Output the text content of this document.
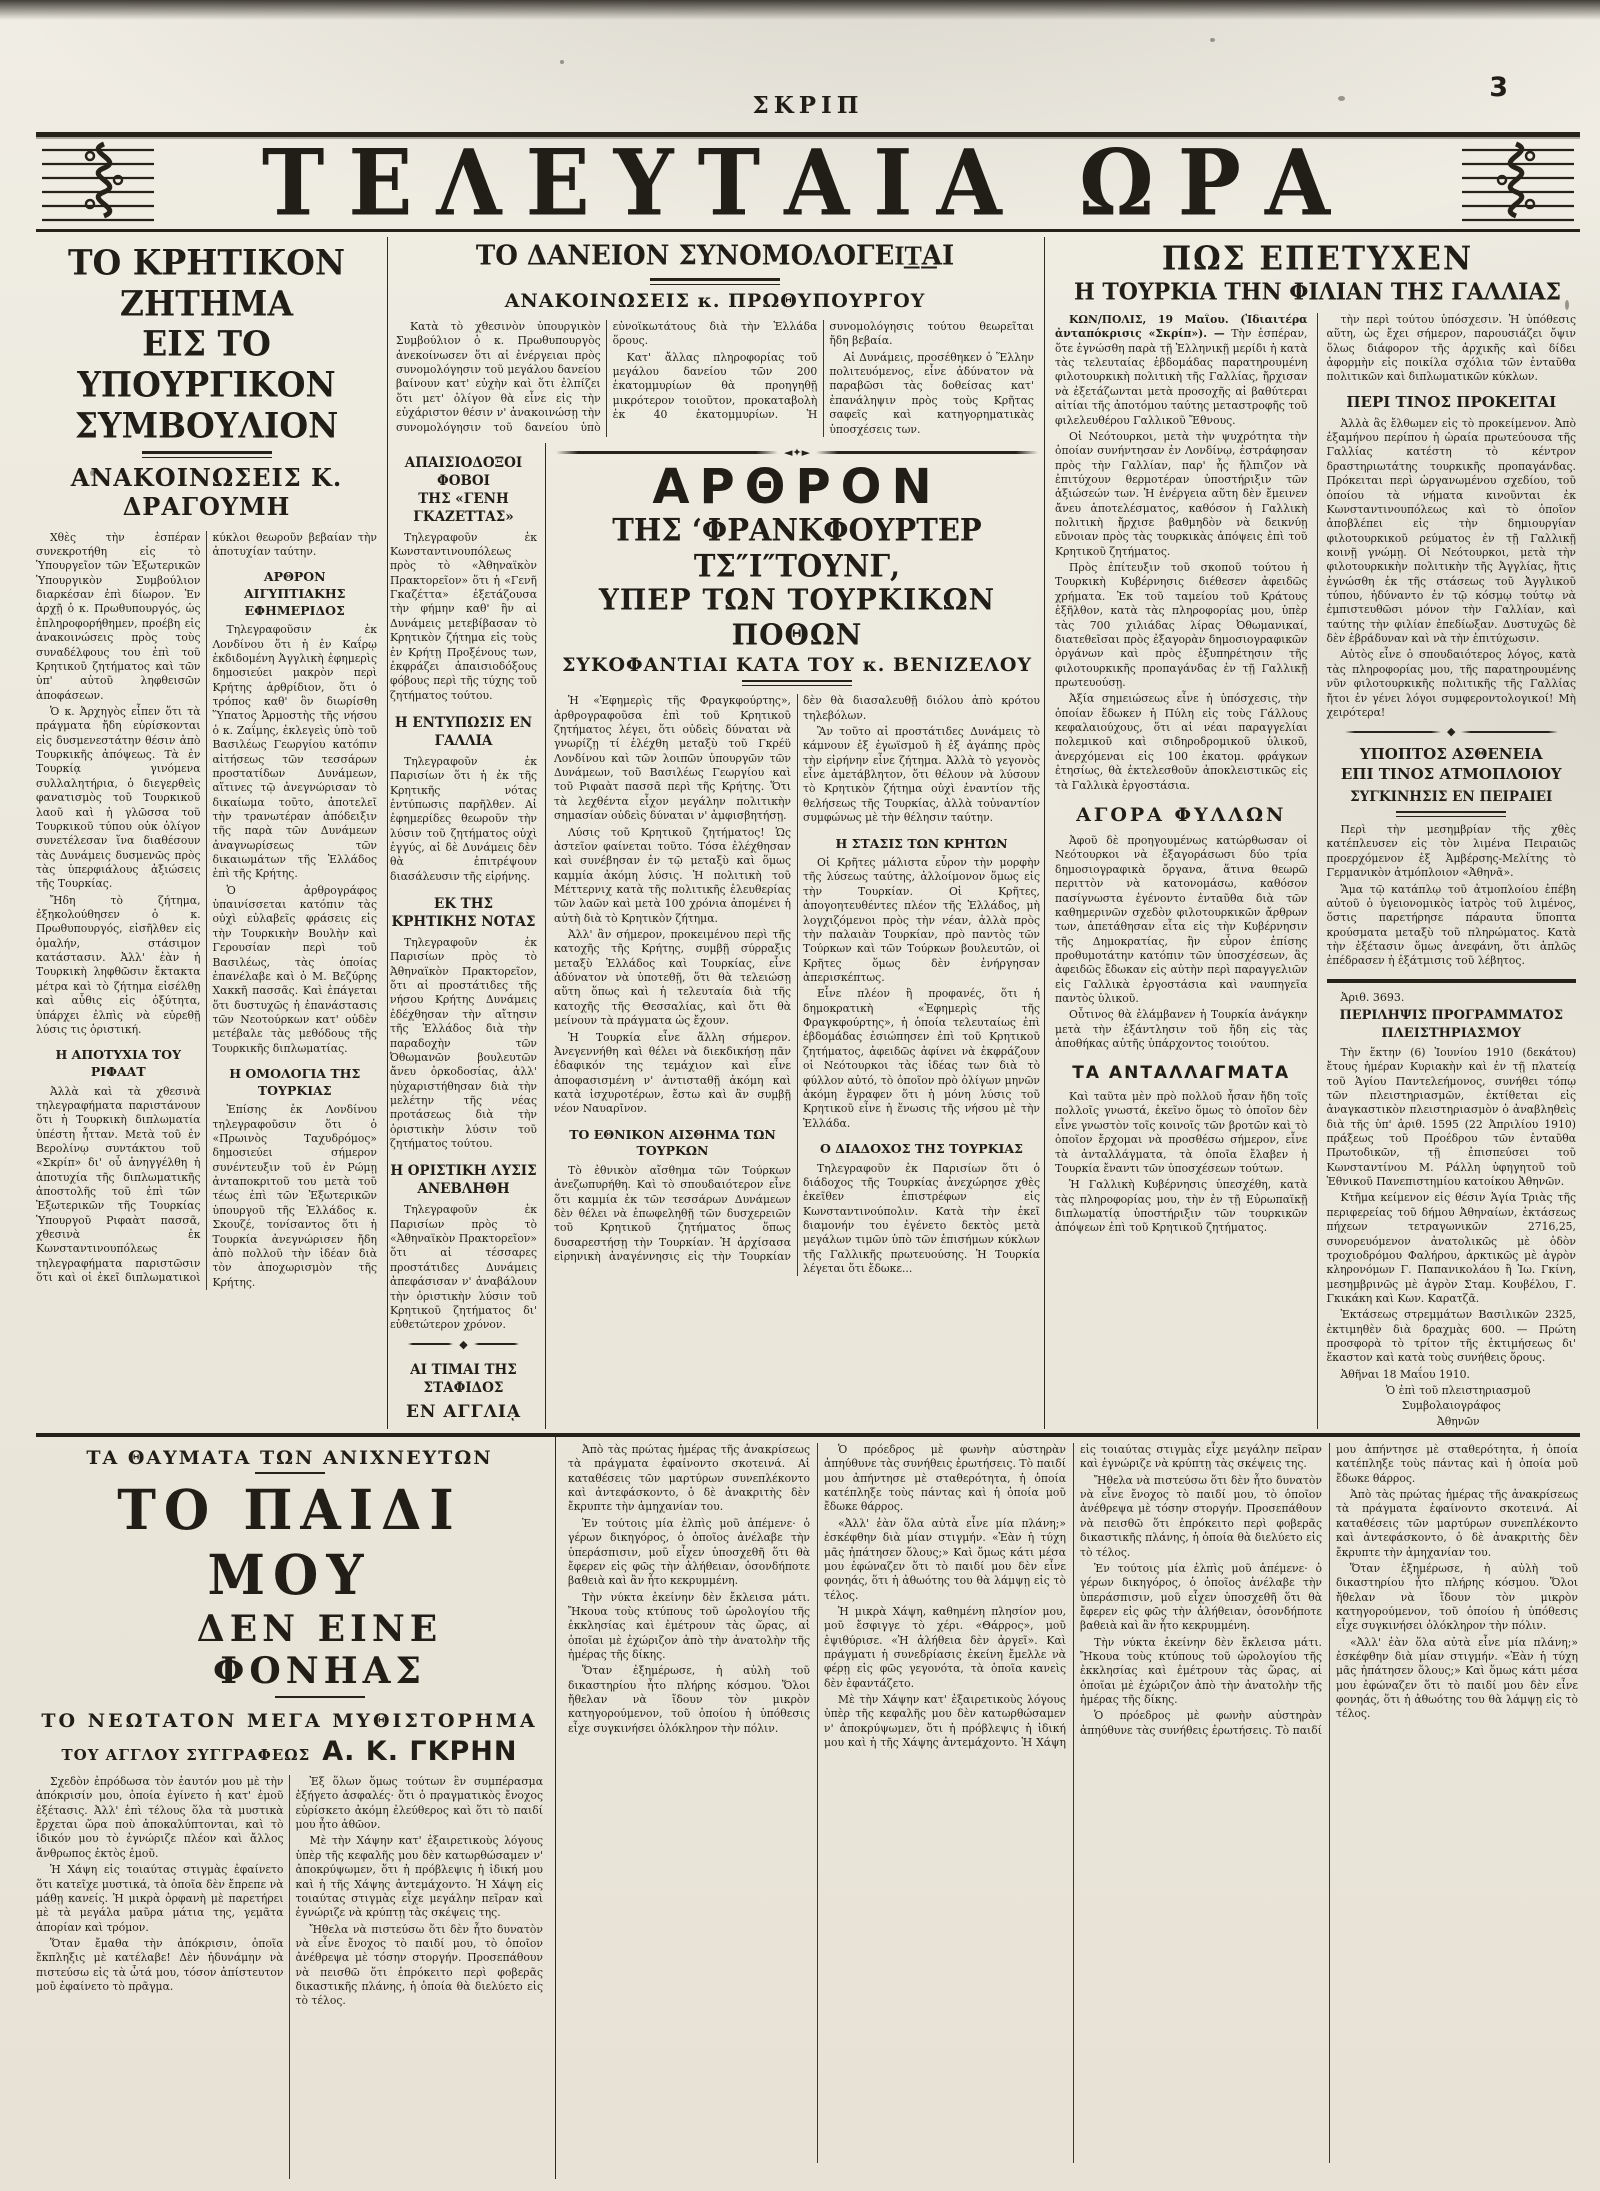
ΣΚΡΙΠ
3
ΤΕΛΕΥΤΑΙΑ ΩΡΑ
ΤΟ ΚΡΗΤΙΚΟΝ ΖΗΤΗΜΑ
ΕΙΣ ΤΟ ΥΠΟΥΡΓΙΚΟΝ ΣΥΜΒΟΥΛΙΟΝ
ΑΝΑΚΟΙΝΩΣΕΙΣ Κ. ΔΡΑΓΟΥΜΗ

Χθὲς τὴν ἑσπέραν συνεκροτήθη εἰς τὸ Ὑπουργεῖον τῶν Ἐξωτερικῶν Ὑπουργικὸν Συμβούλιον διαρκέσαν ἐπὶ δίωρον. Ἐν ἀρχῇ ὁ κ. Πρωθυπουργός, ὡς ἐπληροφορήθημεν, προέβη εἰς ἀνακοινώσεις πρὸς τοὺς συναδέλφους του ἐπὶ τοῦ Κρητικοῦ ζητήματος καὶ τῶν ὑπ' αὐτοῦ ληφθεισῶν ἀποφάσεων.

Ὁ κ. Ἀρχηγὸς εἶπεν ὅτι τὰ πράγματα ἤδη εὑρίσκονται εἰς δυσμενεστάτην θέσιν ἀπὸ Τουρκικῆς ἀπόψεως. Τὰ ἐν Τουρκίᾳ γινόμενα συλλαλητήρια, ὁ διεγερθεὶς φανατισμὸς τοῦ Τουρκικοῦ λαοῦ καὶ ἡ γλῶσσα τοῦ Τουρκικοῦ τύπου οὐκ ὀλίγον συνετέλεσαν ἵνα διαθέσουν τὰς Δυνάμεις δυσμενῶς πρὸς τὰς ὑπερφιάλους ἀξιώσεις τῆς Τουρκίας.

Ἤδη τὸ ζήτημα, ἐξηκολούθησεν ὁ κ. Πρωθυπουργός, εἰσῆλθεν εἰς ὁμαλήν, στάσιμον κατάστασιν. Ἀλλ' ἐὰν ἡ Τουρκικὴ ληφθῶσιν ἔκτακτα μέτρα καὶ τὸ ζήτημα εἰσέλθῃ καὶ αὖθις εἰς ὀξύτητα, ὑπάρχει ἐλπὶς νὰ εὑρεθῇ λύσις τις ὁριστική.

Η ΑΠΟΤΥΧΙΑ ΤΟΥ ΡΙΦΑΑΤ

Ἀλλὰ καὶ τὰ χθεσινὰ τηλεγραφήματα παριστάνουν ὅτι ἡ Τουρκικὴ διπλωματία ὑπέστη ἧτταν. Μετὰ τοῦ ἐν Βερολίνῳ συντάκτου τοῦ «Σκρίπ» δι' οὗ ἀνηγγέλθη ἡ ἀποτυχία τῆς διπλωματικῆς ἀποστολῆς τοῦ ἐπὶ τῶν Ἐξωτερικῶν τῆς Τουρκίας Ὑπουργοῦ Ριφαὰτ πασσᾶ, χθεσινὰ ἐκ Κωνσταντινουπόλεως τηλεγραφήματα παριστῶσιν ὅτι καὶ οἱ ἐκεῖ διπλωματικοὶ κύκλοι θεωροῦν βεβαίαν τὴν ἀποτυχίαν ταύτην.

ΑΡΘΡΟΝ ΑΙΓΥΠΤΙΑΚΗΣ ΕΦΗΜΕΡΙΔΟΣ

Τηλεγραφοῦσιν ἐκ Λονδίνου ὅτι ἡ ἐν Καΐρῳ ἐκδιδομένη Ἀγγλικὴ ἐφημερὶς δημοσιεύει μακρὸν περὶ Κρήτης ἀρθρίδιον, ὅτι ὁ τρόπος καθ' ὃν διωρίσθη Ὕπατος Ἁρμοστὴς τῆς νήσου ὁ κ. Ζαΐμης, ἐκλεγεὶς ὑπὸ τοῦ Βασιλέως Γεωργίου κατόπιν αἰτήσεως τῶν τεσσάρων προστατίδων Δυνάμεων, αἵτινες τῷ ἀνεγνώρισαν τὸ δικαίωμα τοῦτο, ἀποτελεῖ τὴν τρανωτέραν ἀπόδειξιν τῆς παρὰ τῶν Δυνάμεων ἀναγνωρίσεως τῶν δικαιωμάτων τῆς Ἑλλάδος ἐπὶ τῆς Κρήτης.

Ὁ ἀρθρογράφος ὑπαινίσσεται κατόπιν τὰς οὐχὶ εὐλαβεῖς φράσεις εἰς τὴν Τουρκικὴν Βουλὴν καὶ Γερουσίαν περὶ τοῦ Βασιλέως, τὰς ὁποίας ἐπανέλαβε καὶ ὁ Μ. Βεζύρης Χακκῆ πασσᾶς. Καὶ ἐπάγεται ὅτι δυστυχῶς ἡ ἐπανάστασις τῶν Νεοτούρκων κατ' οὐδὲν μετέβαλε τὰς μεθόδους τῆς Τουρκικῆς διπλωματίας.

Η ΟΜΟΛΟΓΙΑ ΤΗΣ ΤΟΥΡΚΙΑΣ

Ἐπίσης ἐκ Λονδίνου τηλεγραφοῦσιν ὅτι ὁ «Πρωινὸς Ταχυδρόμος» δημοσιεύει σήμερον συνέντευξιν τοῦ ἐν Ρώμῃ ἀνταποκριτοῦ του μετὰ τοῦ τέως ἐπὶ τῶν Ἐξωτερικῶν ὑπουργοῦ τῆς Ἑλλάδος κ. Σκουζέ, τονίσαντος ὅτι ἡ Τουρκία ἀνεγνώρισεν ἤδη ἀπὸ πολλοῦ τὴν ἰδέαν διὰ τὸν ἀποχωρισμὸν τῆς Κρήτης.

ΤΟ ΔΑΝΕΙΟΝ ΣΥΝΟΜΟΛΟΓΕΙ͟Τ͟ΑΙ
ΑΝΑΚΟΙΝΩΣΕΙΣ κ. ΠΡΩΘΥΠΟΥΡΓΟΥ

Κατὰ τὸ χθεσινὸν ὑπουργικὸν Συμβούλιον ὁ κ. Πρωθυπουργὸς ἀνεκοίνωσεν ὅτι αἱ ἐνέργειαι πρὸς συνομολόγησιν τοῦ μεγάλου δανείου βαίνουν κατ' εὐχὴν καὶ ὅτι ἐλπίζει ὅτι μετ' ὀλίγον θὰ εἶνε εἰς τὴν εὐχάριστον θέσιν ν' ἀνακοινώσῃ τὴν συνομολόγησιν τοῦ δανείου ὑπὸ εὐνοϊκωτάτους διὰ τὴν Ἑλλάδα ὅρους.

Κατ' ἄλλας πληροφορίας τοῦ μεγάλου δανείου τῶν 200 ἑκατομμυρίων θὰ προηγηθῇ μικρότερον τοιοῦτον, προκαταβολὴ ἐκ 40 ἑκατομμυρίων. Ἡ συνομολόγησις τούτου θεωρεῖται ἤδη βεβαία.

Αἱ Δυνάμεις, προσέθηκεν ὁ Ἕλλην πολιτευόμενος, εἶνε ἀδύνατον νὰ παραβῶσι τὰς δοθείσας κατ' ἐπανάληψιν πρὸς τοὺς Κρῆτας σαφεῖς καὶ κατηγορηματικὰς ὑποσχέσεις των.

ΑΠΑΙΣΙΟΔΟΞΟΙ ΦΟΒΟΙ
ΤΗΣ «ΓΕΝΗ ΓΚΑΖΕΤΤΑΣ»

Τηλεγραφοῦν ἐκ Κωνσταντινουπόλεως πρὸς τὸ «Ἀθηναϊκὸν Πρακτορεῖον» ὅτι ἡ «Γενῆ Γκαζέττα» ἐξετάζουσα τὴν φήμην καθ' ἣν αἱ Δυνάμεις μετεβίβασαν τὸ Κρητικὸν ζήτημα εἰς τοὺς ἐν Κρήτῃ Προξένους των, ἐκφράζει ἀπαισιοδόξους φόβους περὶ τῆς τύχης τοῦ ζητήματος τούτου.

Η ΕΝΤΥΠΩΣΙΣ ΕΝ ΓΑΛΛΙΑ

Τηλεγραφοῦν ἐκ Παρισίων ὅτι ἡ ἐκ τῆς Κρητικῆς νότας ἐντύπωσις παρῆλθεν. Αἱ ἐφημερίδες θεωροῦν τὴν λύσιν τοῦ ζητήματος οὐχὶ ἐγγύς, αἱ δὲ Δυνάμεις δὲν θὰ ἐπιτρέψουν διασάλευσιν τῆς εἰρήνης.

ΕΚ ΤΗΣ ΚΡΗΤΙΚΗΣ ΝΟΤΑΣ

Τηλεγραφοῦν ἐκ Παρισίων πρὸς τὸ Ἀθηναϊκὸν Πρακτορεῖον, ὅτι αἱ προστάτιδες τῆς νήσου Κρήτης Δυνάμεις ἐδέχθησαν τὴν αἴτησιν τῆς Ἑλλάδος διὰ τὴν παραδοχὴν τῶν Ὀθωμανῶν βουλευτῶν ἄνευ ὁρκοδοσίας, ἀλλ' ηὐχαριστήθησαν διὰ τὴν μελέτην τῆς νέας προτάσεως διὰ τὴν ὁριστικὴν λύσιν τοῦ ζητήματος τούτου.

Η ΟΡΙΣΤΙΚΗ ΛΥΣΙΣ ΑΝΕΒΛΗΘΗ

Τηλεγραφοῦν ἐκ Παρισίων πρὸς τὸ «Ἀθηναϊκὸν Πρακτορεῖον» ὅτι αἱ τέσσαρες προστάτιδες Δυνάμεις ἀπεφάσισαν ν' ἀναβάλουν τὴν ὁριστικὴν λύσιν τοῦ Κρητικοῦ ζητήματος δι' εὐθετώτερον χρόνον.

◆
ΑΙ ΤΙΜΑΙ ΤΗΣ ΣΤΑΦΙΔΟΣ
ΕΝ ΑΓΓΛΙᾼ

◄✦►
ΑΡΘΡΟΝ
ΤΗΣ ‘ΦΡΑΝΚΦΟΥΡΤΕΡ ΤΣ″Ι″ΤΟΥΝΓ,
ΥΠΕΡ ΤΩΝ ΤΟΥΡΚΙΚΩΝ ΠΟΘΩΝ
ΣΥΚΟΦΑΝΤΙΑΙ ΚΑΤΑ ΤΟΥ κ. ΒΕΝΙΖΕΛΟΥ

Ἡ «Ἐφημερὶς τῆς Φραγκφούρτης», ἀρθρογραφοῦσα ἐπὶ τοῦ Κρητικοῦ ζητήματος λέγει, ὅτι οὐδεὶς δύναται νὰ γνωρίζῃ τί ἐλέχθη μεταξὺ τοῦ Γκρέϋ Λονδίνου καὶ τῶν λοιπῶν ὑπουργῶν τῶν Δυνάμεων, τοῦ Βασιλέως Γεωργίου καὶ τοῦ Ριφαὰτ πασσᾶ περὶ τῆς Κρήτης. Ὅτι τὰ λεχθέντα εἶχον μεγάλην πολιτικὴν σημασίαν οὐδεὶς δύναται ν' ἀμφισβητήσῃ.

Λύσις τοῦ Κρητικοῦ ζητήματος! Ὡς ἀστεῖον φαίνεται τοῦτο. Τόσα ἐλέχθησαν καὶ συνέβησαν ἐν τῷ μεταξὺ καὶ ὅμως καμμία ἀκόμη λύσις. Ἡ πολιτικὴ τοῦ Μέττερνιχ κατὰ τῆς πολιτικῆς ἐλευθερίας τῶν λαῶν καὶ μετὰ 100 χρόνια ἀπομένει ἡ αὐτὴ διὰ τὸ Κρητικὸν ζήτημα.

Ἀλλ' ἂν σήμερον, προκειμένου περὶ τῆς κατοχῆς τῆς Κρήτης, συμβῇ σύρραξις μεταξὺ Ἑλλάδος καὶ Τουρκίας, εἶνε ἀδύνατον νὰ ὑποτεθῇ, ὅτι θὰ τελειώσῃ αὕτη ὅπως καὶ ἡ τελευταία διὰ τῆς κατοχῆς τῆς Θεσσαλίας, καὶ ὅτι θὰ μείνουν τὰ πράγματα ὡς ἔχουν.

Ἡ Τουρκία εἶνε ἄλλη σήμερον. Ἀνεγεννήθη καὶ θέλει νὰ διεκδικήσῃ πᾶν ἐδαφικόν της τεμάχιον καὶ εἶνε ἀποφασισμένη ν' ἀντισταθῇ ἀκόμη καὶ κατὰ ἰσχυροτέρων, ἔστω καὶ ἂν συμβῇ νέον Ναυαρῖνον.

ΤΟ ΕΘΝΙΚΟΝ ΑΙΣΘΗΜΑ ΤΩΝ ΤΟΥΡΚΩΝ

Τὸ ἐθνικὸν αἴσθημα τῶν Τούρκων ἀνεζωπυρήθη. Καὶ τὸ σπουδαιότερον εἶνε ὅτι καμμία ἐκ τῶν τεσσάρων Δυνάμεων δὲν θέλει νὰ ἐπωφεληθῇ τῶν δυσχερειῶν τοῦ Κρητικοῦ ζητήματος ὅπως δυσαρεστήσῃ τὴν Τουρκίαν. Ἡ ἀρχίσασα εἰρηνικὴ ἀναγέννησις εἰς τὴν Τουρκίαν δὲν θὰ διασαλευθῇ διόλου ἀπὸ κρότου τηλεβόλων.

Ἂν τοῦτο αἱ προστάτιδες Δυνάμεις τὸ κάμνουν ἐξ ἐγωϊσμοῦ ἢ ἐξ ἀγάπης πρὸς τὴν εἰρήνην εἶνε ζήτημα. Ἀλλὰ τὸ γεγονὸς εἶνε ἀμετάβλητον, ὅτι θέλουν νὰ λύσουν τὸ Κρητικὸν ζήτημα οὐχὶ ἐναντίον τῆς θελήσεως τῆς Τουρκίας, ἀλλὰ τοὐναντίον συμφώνως μὲ τὴν θέλησιν ταύτην.

Η ΣΤΑΣΙΣ ΤΩΝ ΚΡΗΤΩΝ

Οἱ Κρῆτες μάλιστα εὗρον τὴν μορφὴν τῆς λύσεως ταύτης, ἀλλοίμονον ὅμως εἰς τὴν Τουρκίαν. Οἱ Κρῆτες, ἀπογοητευθέντες πλέον τῆς Ἑλλάδος, μὴ λογχιζόμενοι πρὸς τὴν νέαν, ἀλλὰ πρὸς τὴν παλαιὰν Τουρκίαν, πρὸ παντὸς τῶν Τούρκων καὶ τῶν Τούρκων βουλευτῶν, οἱ Κρῆτες ὅμως δὲν ἐνήργησαν ἀπερισκέπτως.

Εἶνε πλέον ἢ προφανές, ὅτι ἡ δημοκρατικὴ «Ἐφημερὶς τῆς Φραγκφούρτης», ἡ ὁποία τελευταίως ἐπὶ ἑβδομάδας ἐσιώπησεν ἐπὶ τοῦ Κρητικοῦ ζητήματος, ἀφειδῶς ἀφίνει νὰ ἐκφράζουν οἱ Νεότουρκοι τὰς ἰδέας των διὰ τὸ φύλλον αὐτό, τὸ ὁποῖον πρὸ ὀλίγων μηνῶν ἀκόμη ἔγραφεν ὅτι ἡ μόνη λύσις τοῦ Κρητικοῦ εἶνε ἡ ἕνωσις τῆς νήσου μὲ τὴν Ἑλλάδα.

Ο ΔΙΑΔΟΧΟΣ ΤΗΣ ΤΟΥΡΚΙΑΣ

Τηλεγραφοῦν ἐκ Παρισίων ὅτι ὁ διάδοχος τῆς Τουρκίας ἀνεχώρησε χθὲς ἐκεῖθεν ἐπιστρέφων εἰς Κωνσταντινούπολιν. Κατὰ τὴν ἐκεῖ διαμονήν του ἐγένετο δεκτὸς μετὰ μεγάλων τιμῶν ὑπὸ τῶν ἐπισήμων κύκλων τῆς Γαλλικῆς πρωτευούσης. Ἡ Τουρκία λέγεται ὅτι ἔδωκε...

ΠΩΣ ΕΠΕΤΥΧΕΝ
Η ΤΟΥΡΚΙΑ ΤΗΝ ΦΙΛΙΑΝ ΤΗΣ ΓΑΛΛΙΑΣ

ΚΩΝ/ΠΟΛΙΣ, 19 Μαΐου. (Ἰδιαιτέρα ἀνταπόκρισις «Σκρίπ»). — Τὴν ἑσπέραν, ὅτε ἐγνώσθη παρὰ τῇ Ἑλληνικῇ μερίδι ἡ κατὰ τὰς τελευταίας ἑβδομάδας παρατηρουμένη φιλοτουρκικὴ πολιτικὴ τῆς Γαλλίας, ἤρχισαν νὰ ἐξετάζωνται μετὰ προσοχῆς αἱ βαθύτεραι αἰτίαι τῆς ἀποτόμου ταύτης μεταστροφῆς τοῦ φιλελευθέρου Γαλλικοῦ Ἔθνους.

Οἱ Νεότουρκοι, μετὰ τὴν ψυχρότητα τὴν ὁποίαν συνήντησαν ἐν Λονδίνῳ, ἐστράφησαν πρὸς τὴν Γαλλίαν, παρ' ἧς ἤλπιζον νὰ ἐπιτύχουν θερμοτέραν ὑποστήριξιν τῶν ἀξιώσεών των. Ἡ ἐνέργεια αὕτη δὲν ἔμεινεν ἄνευ ἀποτελέσματος, καθόσον ἡ Γαλλικὴ πολιτικὴ ἤρχισε βαθμηδὸν νὰ δεικνύῃ εὔνοιαν πρὸς τὰς τουρκικὰς ἀπόψεις ἐπὶ τοῦ Κρητικοῦ ζητήματος.

Πρὸς ἐπίτευξιν τοῦ σκοποῦ τούτου ἡ Τουρκικὴ Κυβέρνησις διέθεσεν ἀφειδῶς χρήματα. Ἐκ τοῦ ταμείου τοῦ Κράτους ἐξῆλθον, κατὰ τὰς πληροφορίας μου, ὑπὲρ τὰς 700 χιλιάδας λίρας Ὀθωμανικαί, διατεθεῖσαι πρὸς ἐξαγορὰν δημοσιογραφικῶν ὀργάνων καὶ πρὸς ἐξυπηρέτησιν τῆς φιλοτουρκικῆς προπαγάνδας ἐν τῇ Γαλλικῇ πρωτευούσῃ.

Ἀξία σημειώσεως εἶνε ἡ ὑπόσχεσις, τὴν ὁποίαν ἔδωκεν ἡ Πύλη εἰς τοὺς Γάλλους κεφαλαιούχους, ὅτι αἱ νέαι παραγγελίαι πολεμικοῦ καὶ σιδηροδρομικοῦ ὑλικοῦ, ἀνερχόμεναι εἰς 100 ἑκατομ. φράγκων ἐτησίως, θὰ ἐκτελεσθοῦν ἀποκλειστικῶς εἰς τὰ Γαλλικὰ ἐργοστάσια.

ΑΓΟΡΑ ΦΥΛΛΩΝ

Ἀφοῦ δὲ προηγουμένως κατώρθωσαν οἱ Νεότουρκοι νὰ ἐξαγοράσωσι δύο τρία δημοσιογραφικὰ ὄργανα, ἅτινα θεωρῶ περιττὸν νὰ κατονομάσω, καθόσον πασίγνωστα ἐγένοντο ἐνταῦθα διὰ τῶν καθημερινῶν σχεδὸν φιλοτουρκικῶν ἄρθρων των, ἀπετάθησαν εἶτα εἰς τὴν Κυβέρνησιν τῆς Δημοκρατίας, ἣν εὗρον ἐπίσης προθυμοτάτην κατόπιν τῶν ὑποσχέσεων, ἃς ἀφειδῶς ἔδωκαν εἰς αὐτὴν περὶ παραγγελιῶν εἰς Γαλλικὰ ἐργοστάσια καὶ ναυπηγεῖα παντὸς ὑλικοῦ.

Οὗτινος θὰ ἐλάμβανεν ἡ Τουρκία ἀνάγκην μετὰ τὴν ἐξάντλησιν τοῦ ἤδη εἰς τὰς ἀποθήκας αὐτῆς ὑπάρχοντος τοιούτου.

ΤΑ ΑΝΤΑΛΛΑΓΜΑΤΑ

Καὶ ταῦτα μὲν πρὸ πολλοῦ ἦσαν ἤδη τοῖς πολλοῖς γνωστά, ἐκεῖνο ὅμως τὸ ὁποῖον δὲν εἶνε γνωστὸν τοῖς κοινοῖς τῶν βροτῶν καὶ τὸ ὁποῖον ἔρχομαι νὰ προσθέσω σήμερον, εἶνε τὰ ἀνταλλάγματα, τὰ ὁποῖα ἔλαβεν ἡ Τουρκία ἔναντι τῶν ὑποσχέσεων τούτων.

Ἡ Γαλλικὴ Κυβέρνησις ὑπεσχέθη, κατὰ τὰς πληροφορίας μου, τὴν ἐν τῇ Εὐρωπαϊκῇ διπλωματίᾳ ὑποστήριξιν τῶν τουρκικῶν ἀπόψεων ἐπὶ τοῦ Κρητικοῦ ζητήματος.

τὴν περὶ τούτου ὑπόσχεσιν. Ἡ ὑπόθεσις αὕτη, ὡς ἔχει σήμερον, παρουσιάζει ὄψιν ὅλως διάφορον τῆς ἀρχικῆς καὶ δίδει ἀφορμὴν εἰς ποικίλα σχόλια τῶν ἐνταῦθα πολιτικῶν καὶ διπλωματικῶν κύκλων.

ΠΕΡΙ ΤΙΝΟΣ ΠΡΟΚΕΙΤΑΙ

Ἀλλὰ ἂς ἔλθωμεν εἰς τὸ προκείμενον. Ἀπὸ ἑξαμήνου περίπου ἡ ὡραία πρωτεύουσα τῆς Γαλλίας κατέστη τὸ κέντρον δραστηριωτάτης τουρκικῆς προπαγάνδας. Πρόκειται περὶ ὠργανωμένου σχεδίου, τοῦ ὁποίου τὰ νήματα κινοῦνται ἐκ Κωνσταντινουπόλεως καὶ τὸ ὁποῖον ἀποβλέπει εἰς τὴν δημιουργίαν φιλοτουρκικοῦ ρεύματος ἐν τῇ Γαλλικῇ κοινῇ γνώμῃ. Οἱ Νεότουρκοι, μετὰ τὴν φιλοτουρκικὴν πολιτικὴν τῆς Ἀγγλίας, ἥτις ἐγνώσθη ἐκ τῆς στάσεως τοῦ Ἀγγλικοῦ τύπου, ἠδύναντο ἐν τῷ κόσμῳ τούτῳ νὰ ἐμπιστευθῶσι μόνον τὴν Γαλλίαν, καὶ ταύτης τὴν φιλίαν ἐπεδίωξαν. Δυστυχῶς δὲ δὲν ἐβράδυναν καὶ νὰ τὴν ἐπιτύχωσιν.

Αὐτὸς εἶνε ὁ σπουδαιότερος λόγος, κατὰ τὰς πληροφορίας μου, τῆς παρατηρουμένης νῦν φιλοτουρκικῆς πολιτικῆς τῆς Γαλλίας ἤτοι ἐν γένει λόγοι συμφεροντολογικοί! Μὴ χειρότερα!

◆
ΥΠΟΠΤΟΣ ΑΣΘΕΝΕΙΑ
ΕΠΙ ΤΙΝΟΣ ΑΤΜΟΠΛΟΙΟΥ
ΣΥΓΚΙΝΗΣΙΣ ΕΝ ΠΕΙΡΑΙΕΙ

Περὶ τὴν μεσημβρίαν τῆς χθὲς κατέπλευσεν εἰς τὸν λιμένα Πειραιῶς προερχόμενον ἐξ Ἀμβέρσης-Μελίτης τὸ Γερμανικὸν ἀτμόπλοιον «Ἀθηνᾶ».

Ἅμα τῷ κατάπλῳ τοῦ ἀτμοπλοίου ἐπέβη αὐτοῦ ὁ ὑγειονομικὸς ἰατρὸς τοῦ λιμένος, ὅστις παρετήρησε πάραυτα ὕποπτα κρούσματα μεταξὺ τοῦ πληρώματος. Κατὰ τὴν ἐξέτασιν ὅμως ἀνεφάνη, ὅτι ἁπλῶς ἐπέδρασεν ἡ ἐξάτμισις τοῦ λέβητος.

Ἀριθ. 3693.

ΠΕΡΙΛΗΨΙΣ ΠΡΟΓΡΑΜΜΑΤΟΣ
ΠΛΕΙΣΤΗΡΙΑΣΜΟΥ

Τὴν ἕκτην (6) Ἰουνίου 1910 (δεκάτου) ἔτους ἡμέραν Κυριακὴν καὶ ἐν τῇ πλατείᾳ τοῦ Ἁγίου Παντελεήμονος, συνήθει τόπῳ τῶν πλειστηριασμῶν, ἐκτίθεται εἰς ἀναγκαστικὸν πλειστηριασμὸν ὁ ἀναβληθεὶς διὰ τῆς ὑπ' ἀριθ. 1595 (22 Ἀπριλίου 1910) πράξεως τοῦ Προέδρου τῶν ἐνταῦθα Πρωτοδικῶν, τῇ ἐπισπεύσει τοῦ Κωνσταντίνου Μ. Ράλλη ὑφηγητοῦ τοῦ Ἐθνικοῦ Πανεπιστημίου κατοίκου Ἀθηνῶν.

Κτῆμα κείμενον εἰς θέσιν Ἁγία Τριὰς τῆς περιφερείας τοῦ δήμου Ἀθηναίων, ἐκτάσεως πήχεων τετραγωνικῶν 2716,25, συνορευόμενον ἀνατολικῶς μὲ ὁδὸν τροχιοδρόμου Φαλήρου, ἀρκτικῶς μὲ ἀγρὸν κληρονόμων Γ. Παπανικολάου ἢ Ἰω. Γκίνη, μεσημβρινῶς μὲ ἀγρὸν Σταμ. Κουβέλου, Γ. Γκικάκη καὶ Κων. Καρατζᾶ.

Ἐκτάσεως στρεμμάτων Βασιλικῶν 2325, ἐκτιμηθὲν διὰ δραχμὰς 600. — Πρώτη προσφορὰ τὸ τρίτον τῆς ἐκτιμήσεως δι' ἕκαστον καὶ κατὰ τοὺς συνήθεις ὅρους.

Ἀθῆναι 18 Μαΐου 1910.

Ὁ ἐπὶ τοῦ πλειστηριασμοῦ Συμβολαιογράφος

Ἀθηνῶν

ΤΑ ΘΑΥΜΑΤΑ ΤΩΝ ΑΝΙΧΝΕΥΤΩΝ
ΤΟ ΠΑΙΔΙ ΜΟΥ
ΔΕΝ ΕΙΝΕ ΦΟΝΗΑΣ
ΤΟ ΝΕΩΤΑΤΟΝ ΜΕΓΑ ΜΥΘΙΣΤΟΡΗΜΑ
ΤΟΥ ΑΓΓΛΟΥ ΣΥΓΓΡΑΦΕΩΣ Α. Κ. ΓΚΡΗΝ

Σχεδὸν ἐπρόδωσα τὸν ἑαυτόν μου μὲ τὴν ἀπόκρισίν μου, ὁποία ἐγίνετο ἡ κατ' ἐμοῦ ἐξέτασις. Ἀλλ' ἐπὶ τέλους ὅλα τὰ μυστικὰ ἔρχεται ὥρα ποὺ ἀποκαλύπτονται, καὶ τὸ ἰδικόν μου τὸ ἐγνώριζε πλέον καὶ ἄλλος ἄνθρωπος ἐκτὸς ἐμοῦ.

Ἡ Χάψη εἰς τοιαύτας στιγμὰς ἐφαίνετο ὅτι κατεῖχε μυστικά, τὰ ὁποῖα δὲν ἔπρεπε νὰ μάθῃ κανείς. Ἡ μικρὰ ὀρφανὴ μὲ παρετήρει μὲ τὰ μεγάλα μαῦρα μάτια της, γεμᾶτα ἀπορίαν καὶ τρόμον.

Ὅταν ἔμαθα τὴν ἀπόκρισιν, ὁποῖα ἔκπληξις μὲ κατέλαβε! Δὲν ἠδυνάμην νὰ πιστεύσω εἰς τὰ ὦτά μου, τόσον ἀπίστευτον μοῦ ἐφαίνετο τὸ πρᾶγμα.

Ἐξ ὅλων ὅμως τούτων ἓν συμπέρασμα ἐξήγετο ἀσφαλές· ὅτι ὁ πραγματικὸς ἔνοχος εὑρίσκετο ἀκόμη ἐλεύθερος καὶ ὅτι τὸ παιδί μου ἦτο ἀθῶον.

Μὲ τὴν Χάψην κατ' ἐξαιρετικοὺς λόγους ὑπὲρ τῆς κεφαλῆς μου δὲν κατωρθώσαμεν ν' ἀποκρύψωμεν, ὅτι ἡ πρόβλεψις ἡ ἰδική μου καὶ ἡ τῆς Χάψης ἀντεμάχοντο. Ἡ Χάψη εἰς τοιαύτας στιγμὰς εἶχε μεγάλην πεῖραν καὶ ἐγνώριζε νὰ κρύπτῃ τὰς σκέψεις της.

Ἤθελα νὰ πιστεύσω ὅτι δὲν ἦτο δυνατὸν νὰ εἶνε ἔνοχος τὸ παιδί μου, τὸ ὁποῖον ἀνέθρεψα μὲ τόσην στοργήν. Προσεπάθουν νὰ πεισθῶ ὅτι ἐπρόκειτο περὶ φοβερᾶς δικαστικῆς πλάνης, ἡ ὁποία θὰ διελύετο εἰς τὸ τέλος.

Ἀπὸ τὰς πρώτας ἡμέρας τῆς ἀνακρίσεως τὰ πράγματα ἐφαίνοντο σκοτεινά. Αἱ καταθέσεις τῶν μαρτύρων συνεπλέκοντο καὶ ἀντεφάσκοντο, ὁ δὲ ἀνακριτὴς δὲν ἔκρυπτε τὴν ἀμηχανίαν του.

Ἐν τούτοις μία ἐλπὶς μοῦ ἀπέμενε· ὁ γέρων δικηγόρος, ὁ ὁποῖος ἀνέλαβε τὴν ὑπεράσπισιν, μοῦ εἶχεν ὑποσχεθῆ ὅτι θὰ ἔφερεν εἰς φῶς τὴν ἀλήθειαν, ὁσονδήποτε βαθειὰ καὶ ἂν ἦτο κεκρυμμένη.

Τὴν νύκτα ἐκείνην δὲν ἔκλεισα μάτι. Ἤκουα τοὺς κτύπους τοῦ ὡρολογίου τῆς ἐκκλησίας καὶ ἐμέτρουν τὰς ὥρας, αἱ ὁποῖαι μὲ ἐχώριζον ἀπὸ τὴν ἀνατολὴν τῆς ἡμέρας τῆς δίκης.

Ὅταν ἐξημέρωσε, ἡ αὐλὴ τοῦ δικαστηρίου ἦτο πλήρης κόσμου. Ὅλοι ἤθελαν νὰ ἴδουν τὸν μικρὸν κατηγορούμενον, τοῦ ὁποίου ἡ ὑπόθεσις εἶχε συγκινήσει ὁλόκληρον τὴν πόλιν.

Ὁ πρόεδρος μὲ φωνὴν αὐστηρὰν ἀπηύθυνε τὰς συνήθεις ἐρωτήσεις. Τὸ παιδί μου ἀπήντησε μὲ σταθερότητα, ἡ ὁποία κατέπληξε τοὺς πάντας καὶ ἡ ὁποία μοῦ ἔδωκε θάρρος.

«Ἀλλ' ἐὰν ὅλα αὐτὰ εἶνε μία πλάνη;» ἐσκέφθην διὰ μίαν στιγμήν. «Ἐὰν ἡ τύχη μᾶς ἠπάτησεν ὅλους;» Καὶ ὅμως κάτι μέσα μου ἐφώναζεν ὅτι τὸ παιδί μου δὲν εἶνε φονηάς, ὅτι ἡ ἀθωότης του θὰ λάμψῃ εἰς τὸ τέλος.

Ἡ μικρὰ Χάψη, καθημένη πλησίον μου, μοῦ ἔσφιγγε τὸ χέρι. «Θάρρος», μοῦ ἐψιθύρισε. «Ἡ ἀλήθεια δὲν ἀργεῖ». Καὶ πράγματι ἡ συνεδρίασις ἐκείνη ἔμελλε νὰ φέρῃ εἰς φῶς γεγονότα, τὰ ὁποῖα κανεὶς δὲν ἐφαντάζετο.

Μὲ τὴν Χάψην κατ' ἐξαιρετικοὺς λόγους ὑπὲρ τῆς κεφαλῆς μου δὲν κατωρθώσαμεν ν' ἀποκρύψωμεν, ὅτι ἡ πρόβλεψις ἡ ἰδική μου καὶ ἡ τῆς Χάψης ἀντεμάχοντο. Ἡ Χάψη εἰς τοιαύτας στιγμὰς εἶχε μεγάλην πεῖραν καὶ ἐγνώριζε νὰ κρύπτῃ τὰς σκέψεις της.

Ἤθελα νὰ πιστεύσω ὅτι δὲν ἦτο δυνατὸν νὰ εἶνε ἔνοχος τὸ παιδί μου, τὸ ὁποῖον ἀνέθρεψα μὲ τόσην στοργήν. Προσεπάθουν νὰ πεισθῶ ὅτι ἐπρόκειτο περὶ φοβερᾶς δικαστικῆς πλάνης, ἡ ὁποία θὰ διελύετο εἰς τὸ τέλος.

Ἐν τούτοις μία ἐλπὶς μοῦ ἀπέμενε· ὁ γέρων δικηγόρος, ὁ ὁποῖος ἀνέλαβε τὴν ὑπεράσπισιν, μοῦ εἶχεν ὑποσχεθῆ ὅτι θὰ ἔφερεν εἰς φῶς τὴν ἀλήθειαν, ὁσονδήποτε βαθειὰ καὶ ἂν ἦτο κεκρυμμένη.

Τὴν νύκτα ἐκείνην δὲν ἔκλεισα μάτι. Ἤκουα τοὺς κτύπους τοῦ ὡρολογίου τῆς ἐκκλησίας καὶ ἐμέτρουν τὰς ὥρας, αἱ ὁποῖαι μὲ ἐχώριζον ἀπὸ τὴν ἀνατολὴν τῆς ἡμέρας τῆς δίκης.

Ὁ πρόεδρος μὲ φωνὴν αὐστηρὰν ἀπηύθυνε τὰς συνήθεις ἐρωτήσεις. Τὸ παιδί μου ἀπήντησε μὲ σταθερότητα, ἡ ὁποία κατέπληξε τοὺς πάντας καὶ ἡ ὁποία μοῦ ἔδωκε θάρρος.

Ἀπὸ τὰς πρώτας ἡμέρας τῆς ἀνακρίσεως τὰ πράγματα ἐφαίνοντο σκοτεινά. Αἱ καταθέσεις τῶν μαρτύρων συνεπλέκοντο καὶ ἀντεφάσκοντο, ὁ δὲ ἀνακριτὴς δὲν ἔκρυπτε τὴν ἀμηχανίαν του.

Ὅταν ἐξημέρωσε, ἡ αὐλὴ τοῦ δικαστηρίου ἦτο πλήρης κόσμου. Ὅλοι ἤθελαν νὰ ἴδουν τὸν μικρὸν κατηγορούμενον, τοῦ ὁποίου ἡ ὑπόθεσις εἶχε συγκινήσει ὁλόκληρον τὴν πόλιν.

«Ἀλλ' ἐὰν ὅλα αὐτὰ εἶνε μία πλάνη;» ἐσκέφθην διὰ μίαν στιγμήν. «Ἐὰν ἡ τύχη μᾶς ἠπάτησεν ὅλους;» Καὶ ὅμως κάτι μέσα μου ἐφώναζεν ὅτι τὸ παιδί μου δὲν εἶνε φονηάς, ὅτι ἡ ἀθωότης του θὰ λάμψῃ εἰς τὸ τέλος.
